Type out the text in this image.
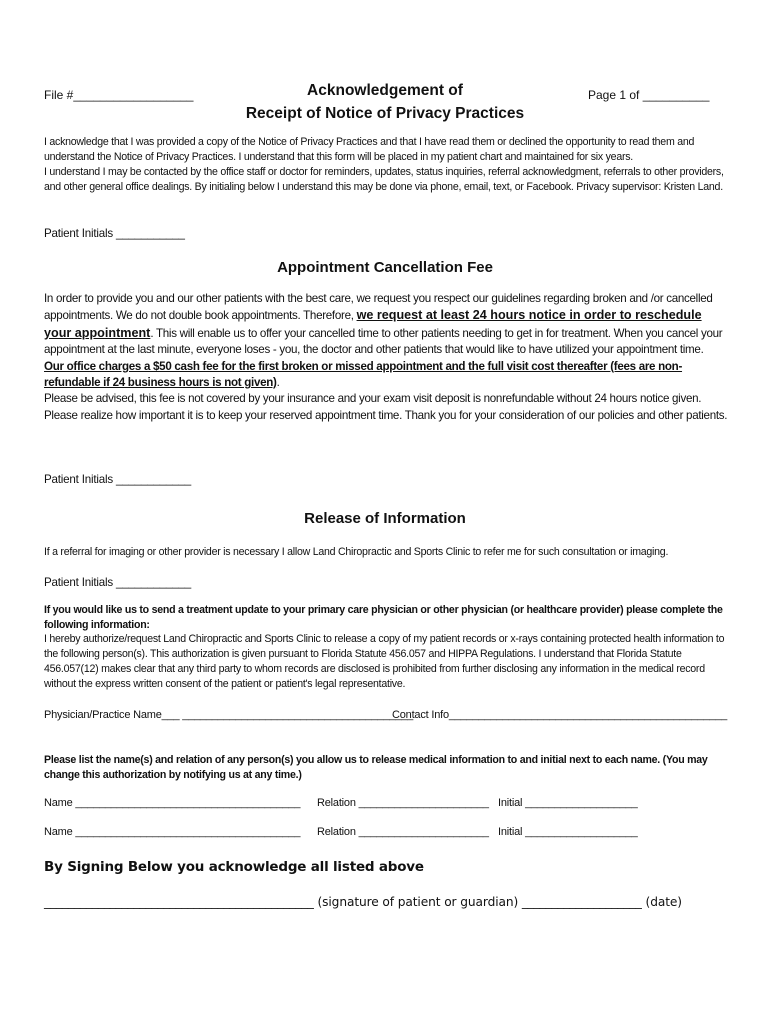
File #__________________	Acknowledgement of
Receipt of Notice of Privacy Practices
Page 1 of __________
I acknowledge that I was provided a copy of the Notice of Privacy Practices and that I have read them or declined the opportunity to read them and understand the Notice of Privacy Practices. I understand that this form will be placed in my patient chart and maintained for six years.
I understand I may be contacted by the office staff or doctor for reminders, updates, status inquiries, referral acknowledgment, referrals to other providers, and other general office dealings. By initialing below I understand this may be done via phone, email, text, or Facebook. Privacy supervisor: Kristen Land.
Patient Initials ___________
Appointment Cancellation Fee
In order to provide you and our other patients with the best care, we request you respect our guidelines regarding broken and /or cancelled appointments. We do not double book appointments. Therefore, we request at least 24 hours notice in order to reschedule your appointment. This will enable us to offer your cancelled time to other patients needing to get in for treatment. When you cancel your appointment at the last minute, everyone loses - you, the doctor and other patients that would like to have utilized your appointment time.
Our office charges a $50 cash fee for the first broken or missed appointment and the full visit cost thereafter (fees are non-refundable if 24 business hours is not given).
Please be advised, this fee is not covered by your insurance and your exam visit deposit is nonrefundable without 24 hours notice given. Please realize how important it is to keep your reserved appointment time. Thank you for your consideration of our policies and other patients.
Patient Initials ____________
Release of Information
If a referral for imaging or other provider is necessary I allow Land Chiropractic and Sports Clinic to refer me for such consultation or imaging.
Patient Initials ____________
If you would like us to send a treatment update to your primary care physician or other physician (or healthcare provider) please complete the following information:
I hereby authorize/request Land Chiropractic and Sports Clinic to release a copy of my patient records or x-rays containing protected health information to the following person(s). This authorization is given pursuant to Florida Statute 456.057 and HIPPA Regulations. I understand that Florida Statute 456.057(12) makes clear that any third party to whom records are disclosed is prohibited from further disclosing any information in the medical record without the express written consent of the patient or patient's legal representative.
Physician/Practice Name___ _______________________________________
Contact Info_______________________________________________
Please list the name(s) and relation of any person(s) you allow us to release medical information to and initial next to each name. (You may change this authorization by notifying us at any time.)
Name ______________________________________ Relation ______________________ Initial ___________________
Name ______________________________________ Relation ______________________ Initial ___________________
By Signing Below you acknowledge all listed above
_____________________________________________ (signature of patient or guardian) ____________________ (date)
